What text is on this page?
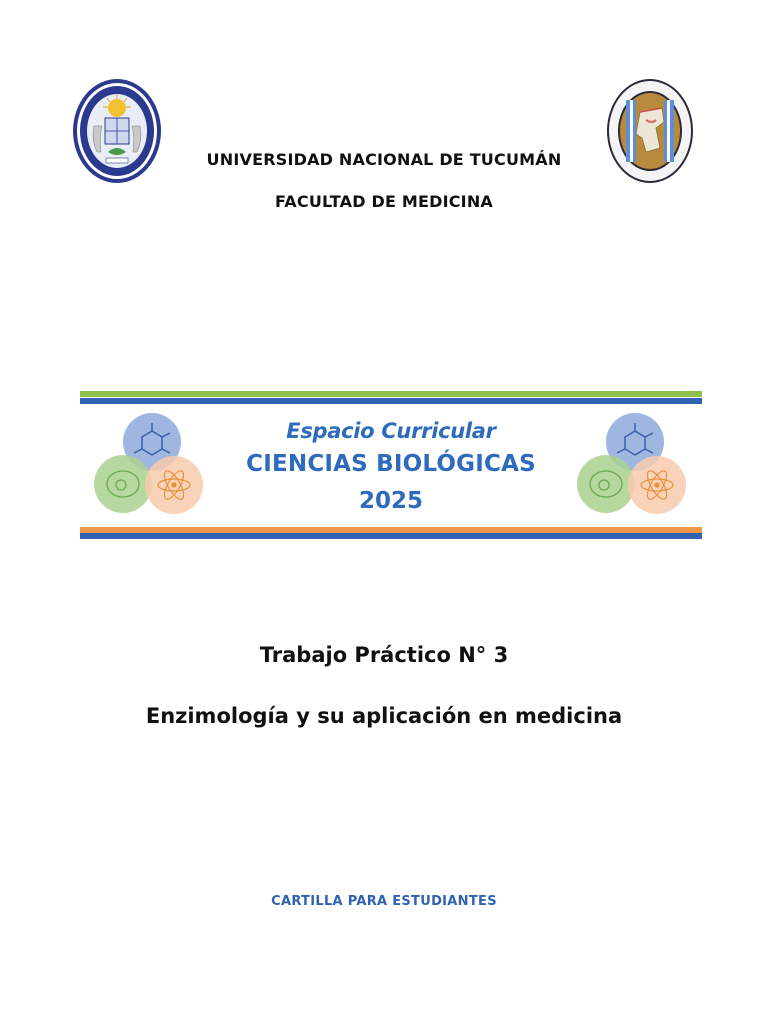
UNIVERSIDAD NACIONAL DE TUCUMÁN
FACULTAD DE MEDICINA
Espacio Curricular
CIENCIAS BIOLÓGICAS
2025
Trabajo Práctico N° 3
Enzimología y su aplicación en medicina
CARTILLA PARA ESTUDIANTES
